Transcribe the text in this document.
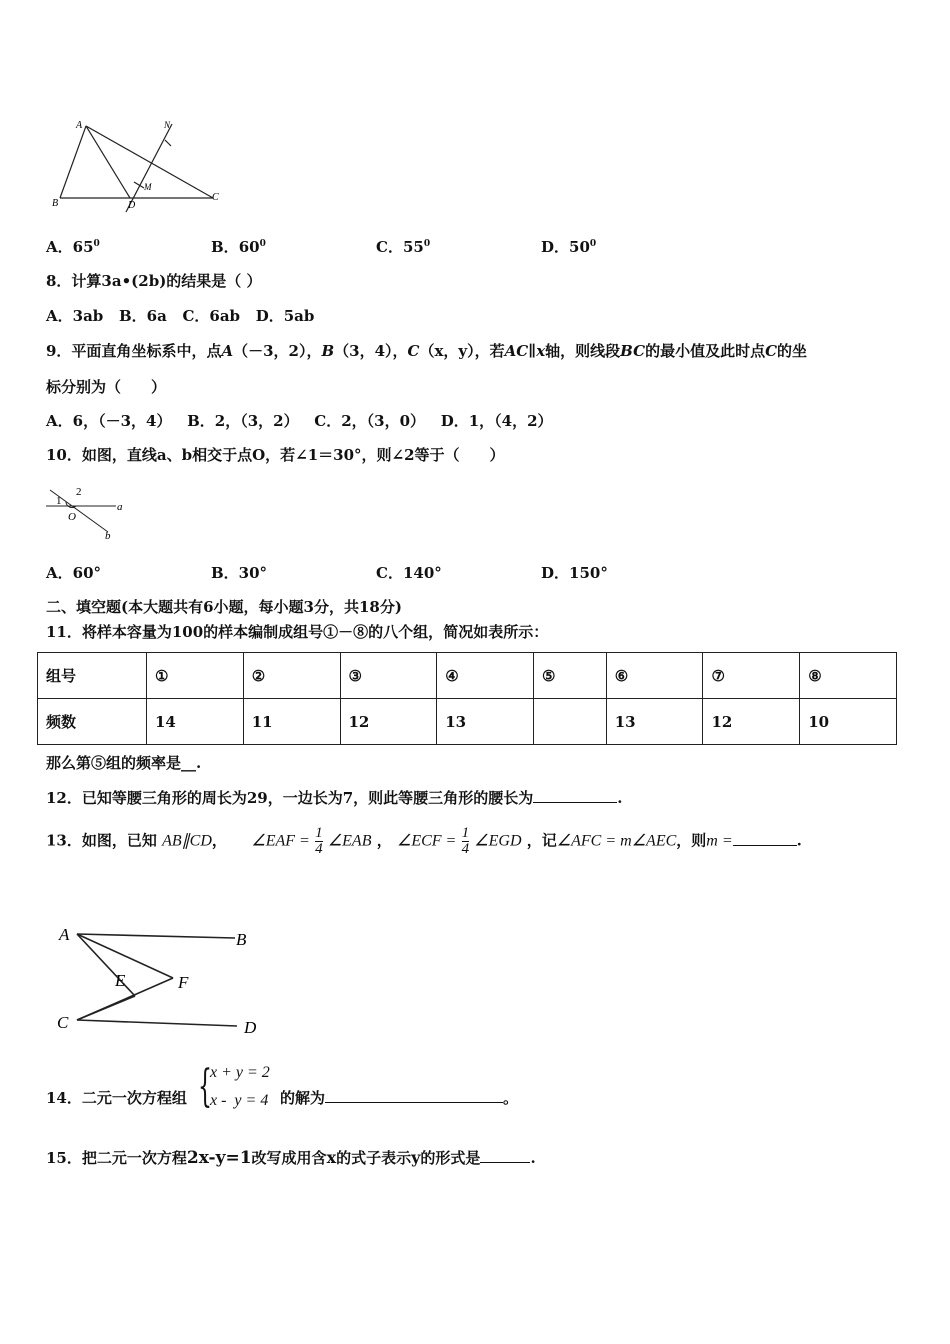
A
B	D
C
M
N
A．$65^0$	B．$60^0$	C．$55^0$	D．$50^0$
8．计算3a•(2b)的结果是（ ）
A．3ab   B．6a   C．6ab   D．5ab
9．平面直角坐标系中，点A（－3，2），B（3，4），C（x，y），若AC∥x轴，则线段BC的最小值及此时点C的坐
标分别为（　　）
A．6，（－3，4）   B．2，（3，2）   C．2，（3，0）   D．1，（4，2）
10．如图，直线a、b相交于点O，若∠1＝30°，则∠2等于（　　）
1
2
O
a
b
A．60°	B．30°	C．140°	D．150°
二、填空题(本大题共有6小题，每小题3分，共18分)
11．将样本容量为100的样本编制成组号①－⑧的八个组，简况如表所示：
组号	①	②	③	④	⑤	⑥	⑦	⑧
频数	14	11	12	13		13	12	10
那么第⑤组的频率是__.
12．已知等腰三角形的周长为29，一边长为7，则此等腰三角形的腰长为	.
13．如图，已知 AB∥CD， ∠EAF = $\frac{1}{4}$ ∠EAB ， ∠ECF = $\frac{1}{4}$ ∠EGD ，记∠AFC = m∠AEC，则m =	.
A	B
E	F
C	D
14．二元一次方程组 {
x + y = 2
x -  y = 4 的解为	。
15．把二元一次方程2x-y=1改写成用含x的式子表示y的形式是	.
